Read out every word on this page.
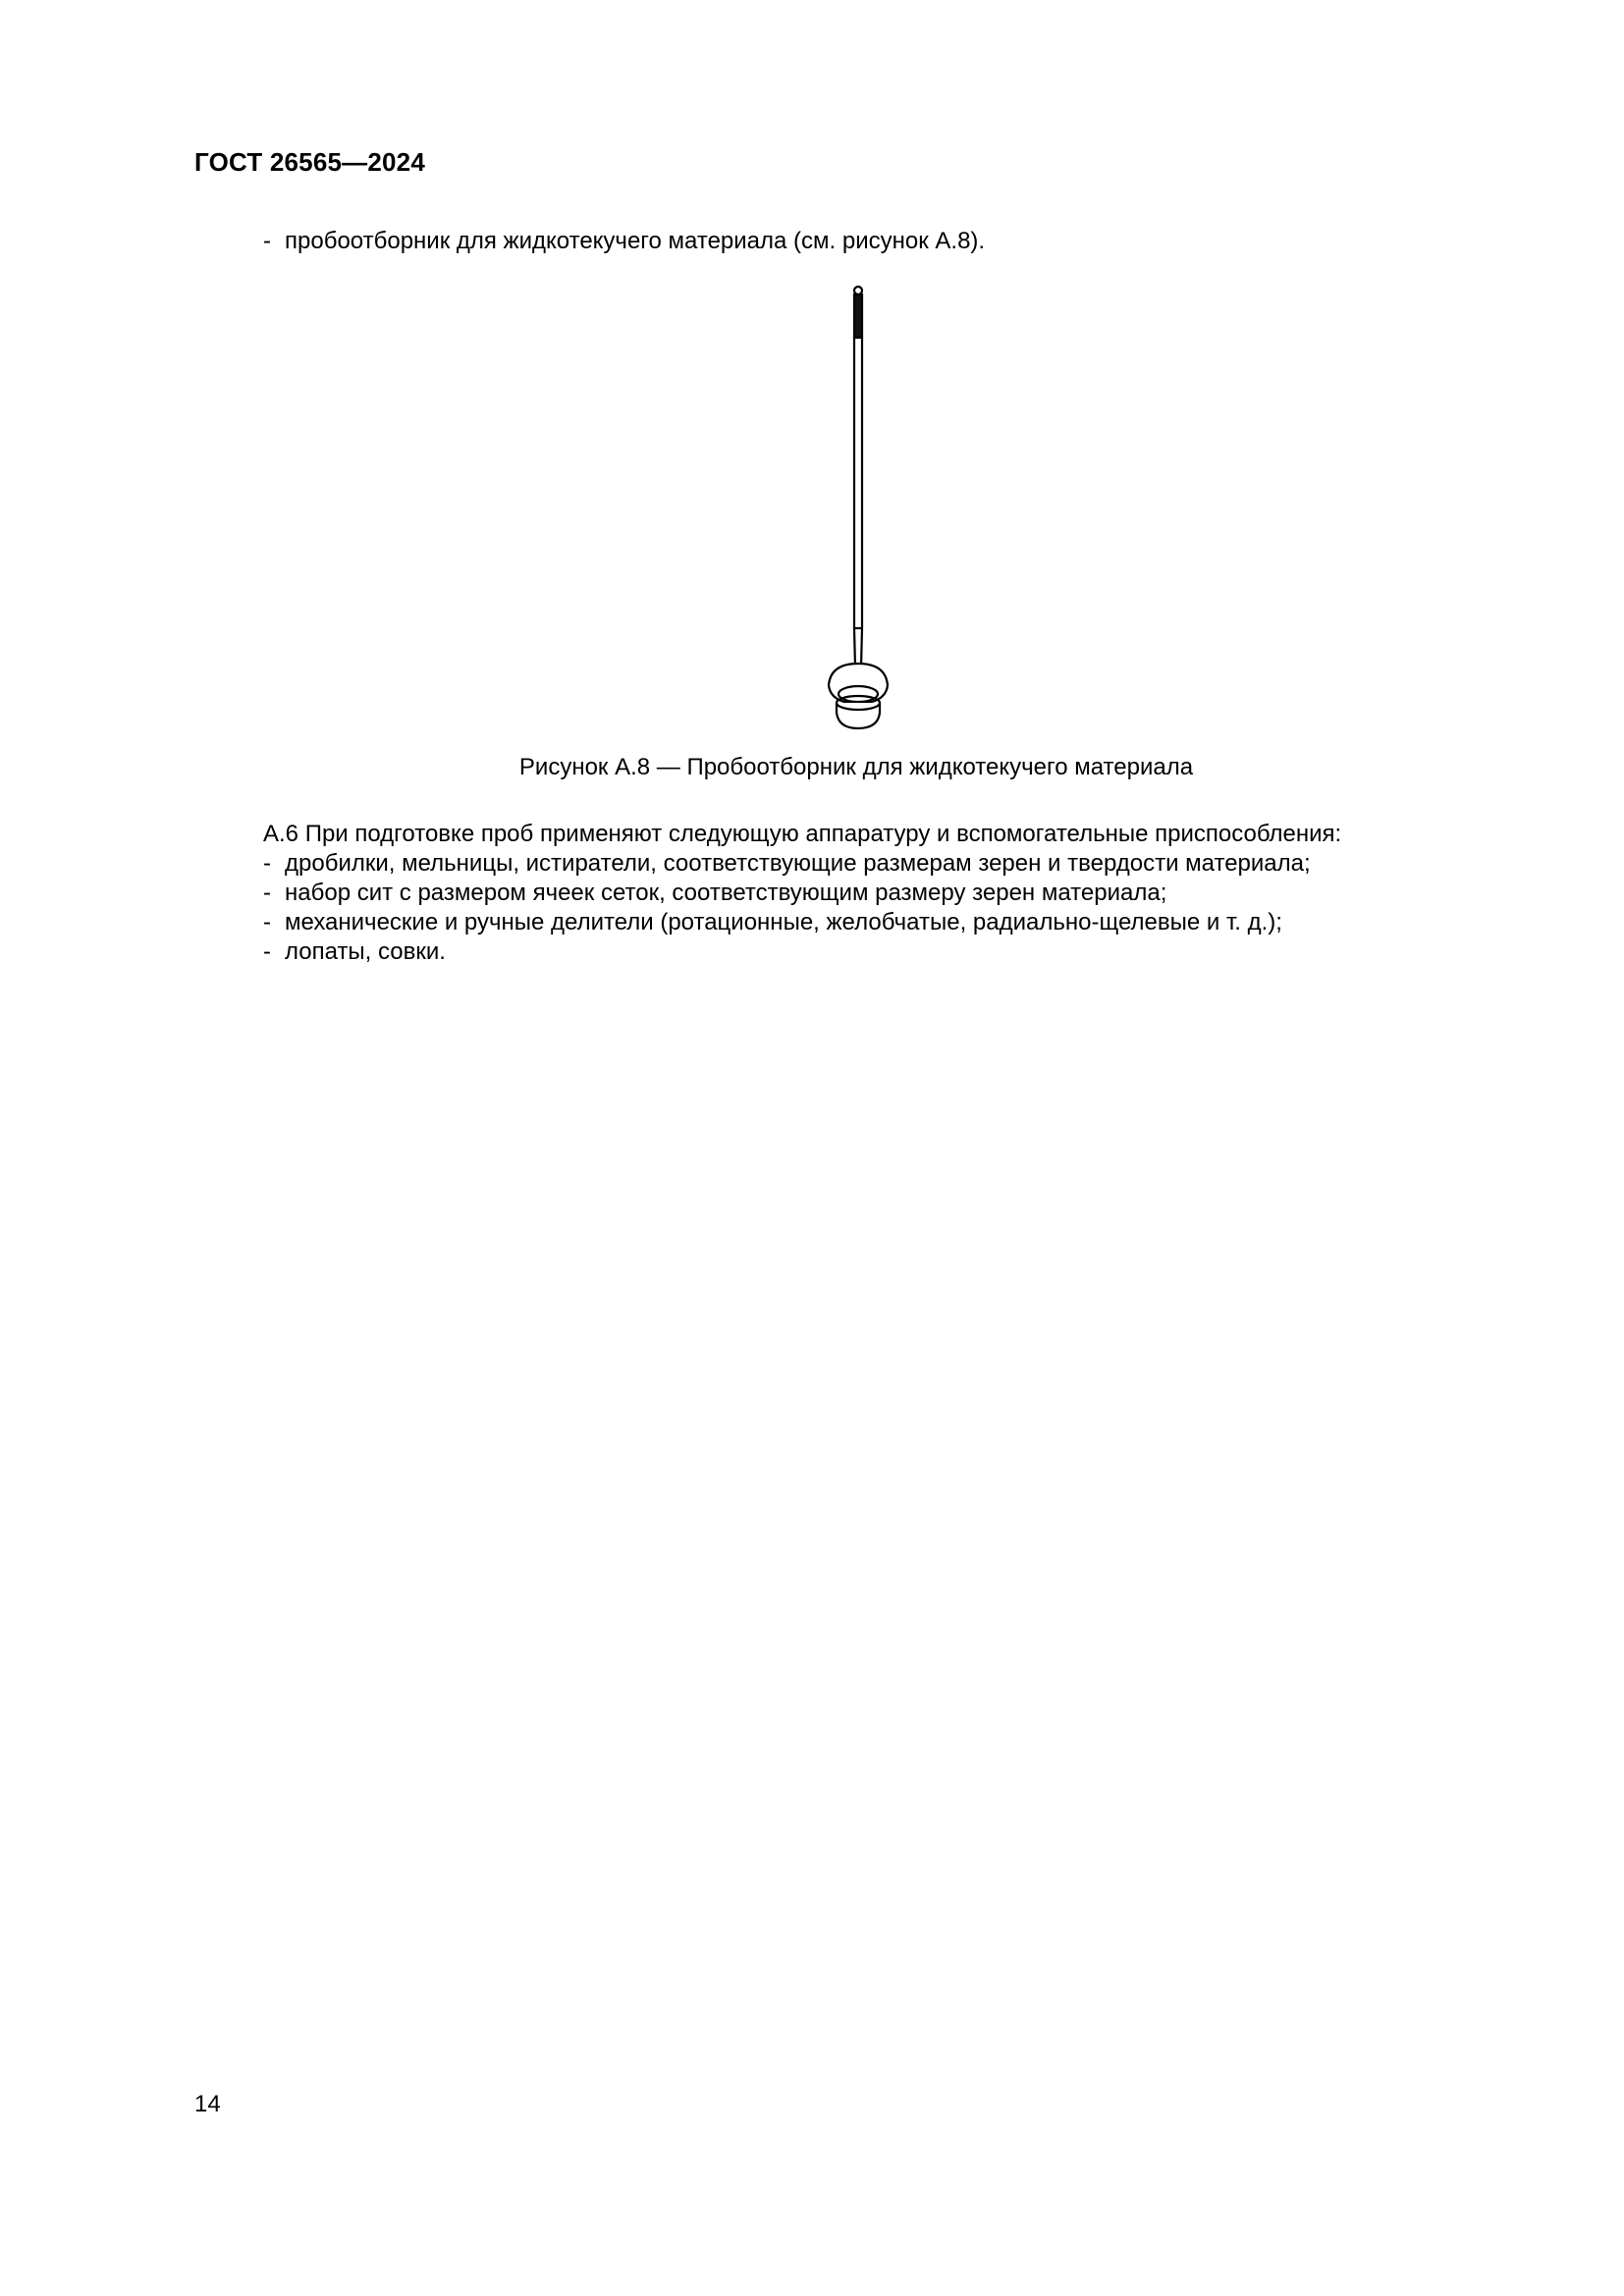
ГОСТ 26565—2024
- пробоотборник для жидкотекучего материала (см. рисунок А.8).
Рисунок А.8 — Пробоотборник для жидкотекучего материала
А.6 При подготовке проб применяют следующую аппаратуру и вспомогательные приспособления:
- дробилки, мельницы, истиратели, соответствующие размерам зерен и твердости материала;
- набор сит с размером ячеек сеток, соответствующим размеру зерен материала;
- механические и ручные делители (ротационные, желобчатые, радиально-щелевые и т. д.);
- лопаты, совки.
14
